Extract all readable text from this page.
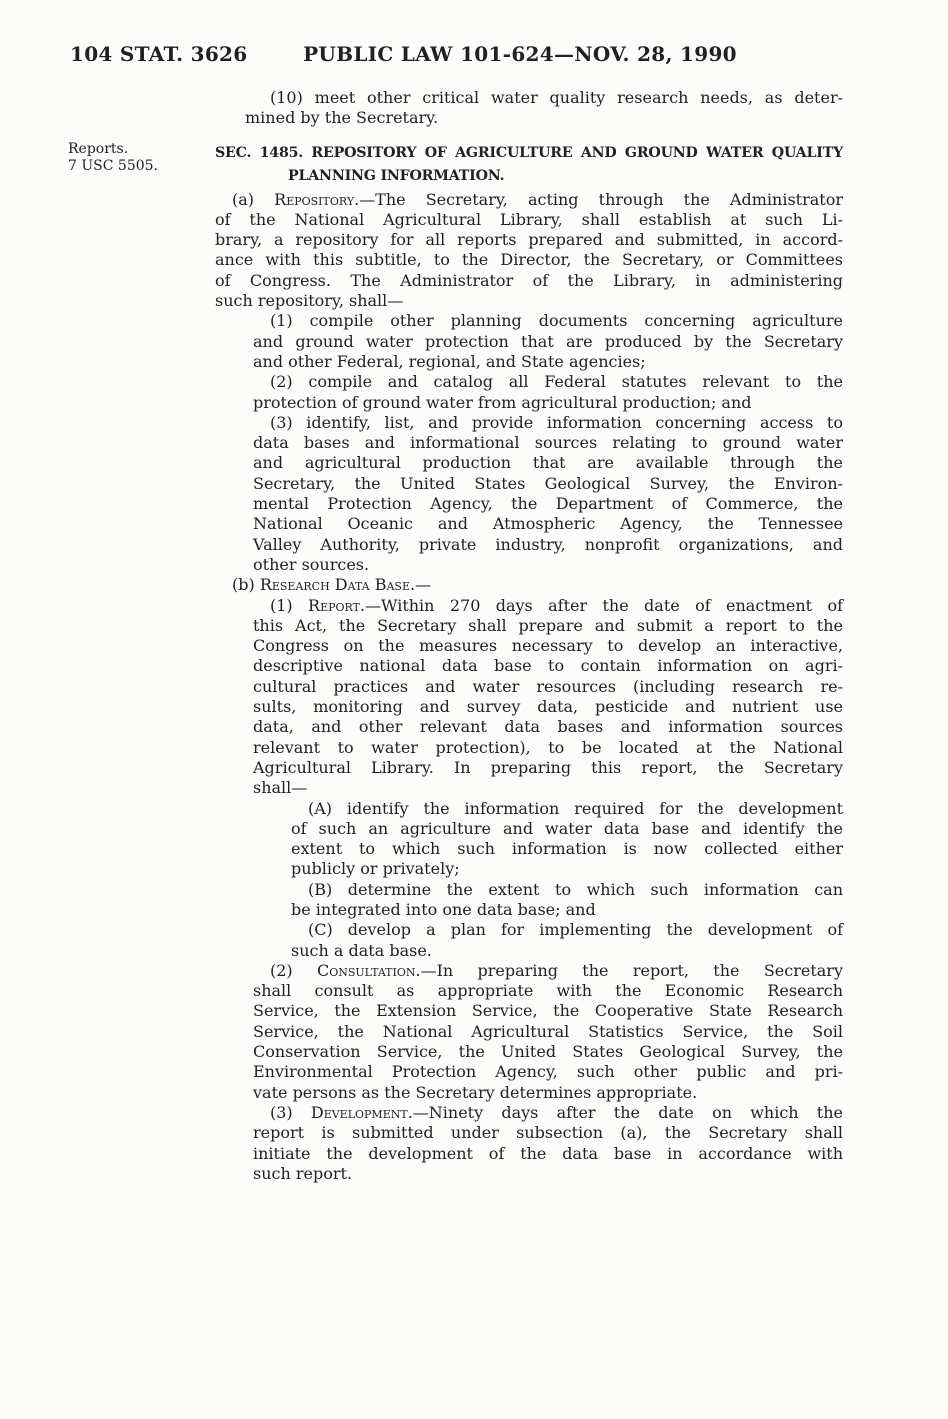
104 STAT. 3626	PUBLIC LAW 101-624—NOV. 28, 1990
Reports.
7 USC 5505.
(10) meet other critical water quality research needs, as deter-
mined by the Secretary.
SEC. 1485. REPOSITORY OF AGRICULTURE AND GROUND WATER QUALITY
PLANNING INFORMATION.
(a) Repository.—The Secretary, acting through the Administrator
of the National Agricultural Library, shall establish at such Li-
brary, a repository for all reports prepared and submitted, in accord-
ance with this subtitle, to the Director, the Secretary, or Committees
of Congress. The Administrator of the Library, in administering
such repository, shall—
(1) compile other planning documents concerning agriculture
and ground water protection that are produced by the Secretary
and other Federal, regional, and State agencies;
(2) compile and catalog all Federal statutes relevant to the
protection of ground water from agricultural production; and
(3) identify, list, and provide information concerning access to
data bases and informational sources relating to ground water
and agricultural production that are available through the
Secretary, the United States Geological Survey, the Environ-
mental Protection Agency, the Department of Commerce, the
National Oceanic and Atmospheric Agency, the Tennessee
Valley Authority, private industry, nonprofit organizations, and
other sources.
(b) Research Data Base.—
(1) Report.—Within 270 days after the date of enactment of
this Act, the Secretary shall prepare and submit a report to the
Congress on the measures necessary to develop an interactive,
descriptive national data base to contain information on agri-
cultural practices and water resources (including research re-
sults, monitoring and survey data, pesticide and nutrient use
data, and other relevant data bases and information sources
relevant to water protection), to be located at the National
Agricultural Library. In preparing this report, the Secretary
shall—
(A) identify the information required for the development
of such an agriculture and water data base and identify the
extent to which such information is now collected either
publicly or privately;
(B) determine the extent to which such information can
be integrated into one data base; and
(C) develop a plan for implementing the development of
such a data base.
(2) Consultation.—In preparing the report, the Secretary
shall consult as appropriate with the Economic Research
Service, the Extension Service, the Cooperative State Research
Service, the National Agricultural Statistics Service, the Soil
Conservation Service, the United States Geological Survey, the
Environmental Protection Agency, such other public and pri-
vate persons as the Secretary determines appropriate.
(3) Development.—Ninety days after the date on which the
report is submitted under subsection (a), the Secretary shall
initiate the development of the data base in accordance with
such report.
